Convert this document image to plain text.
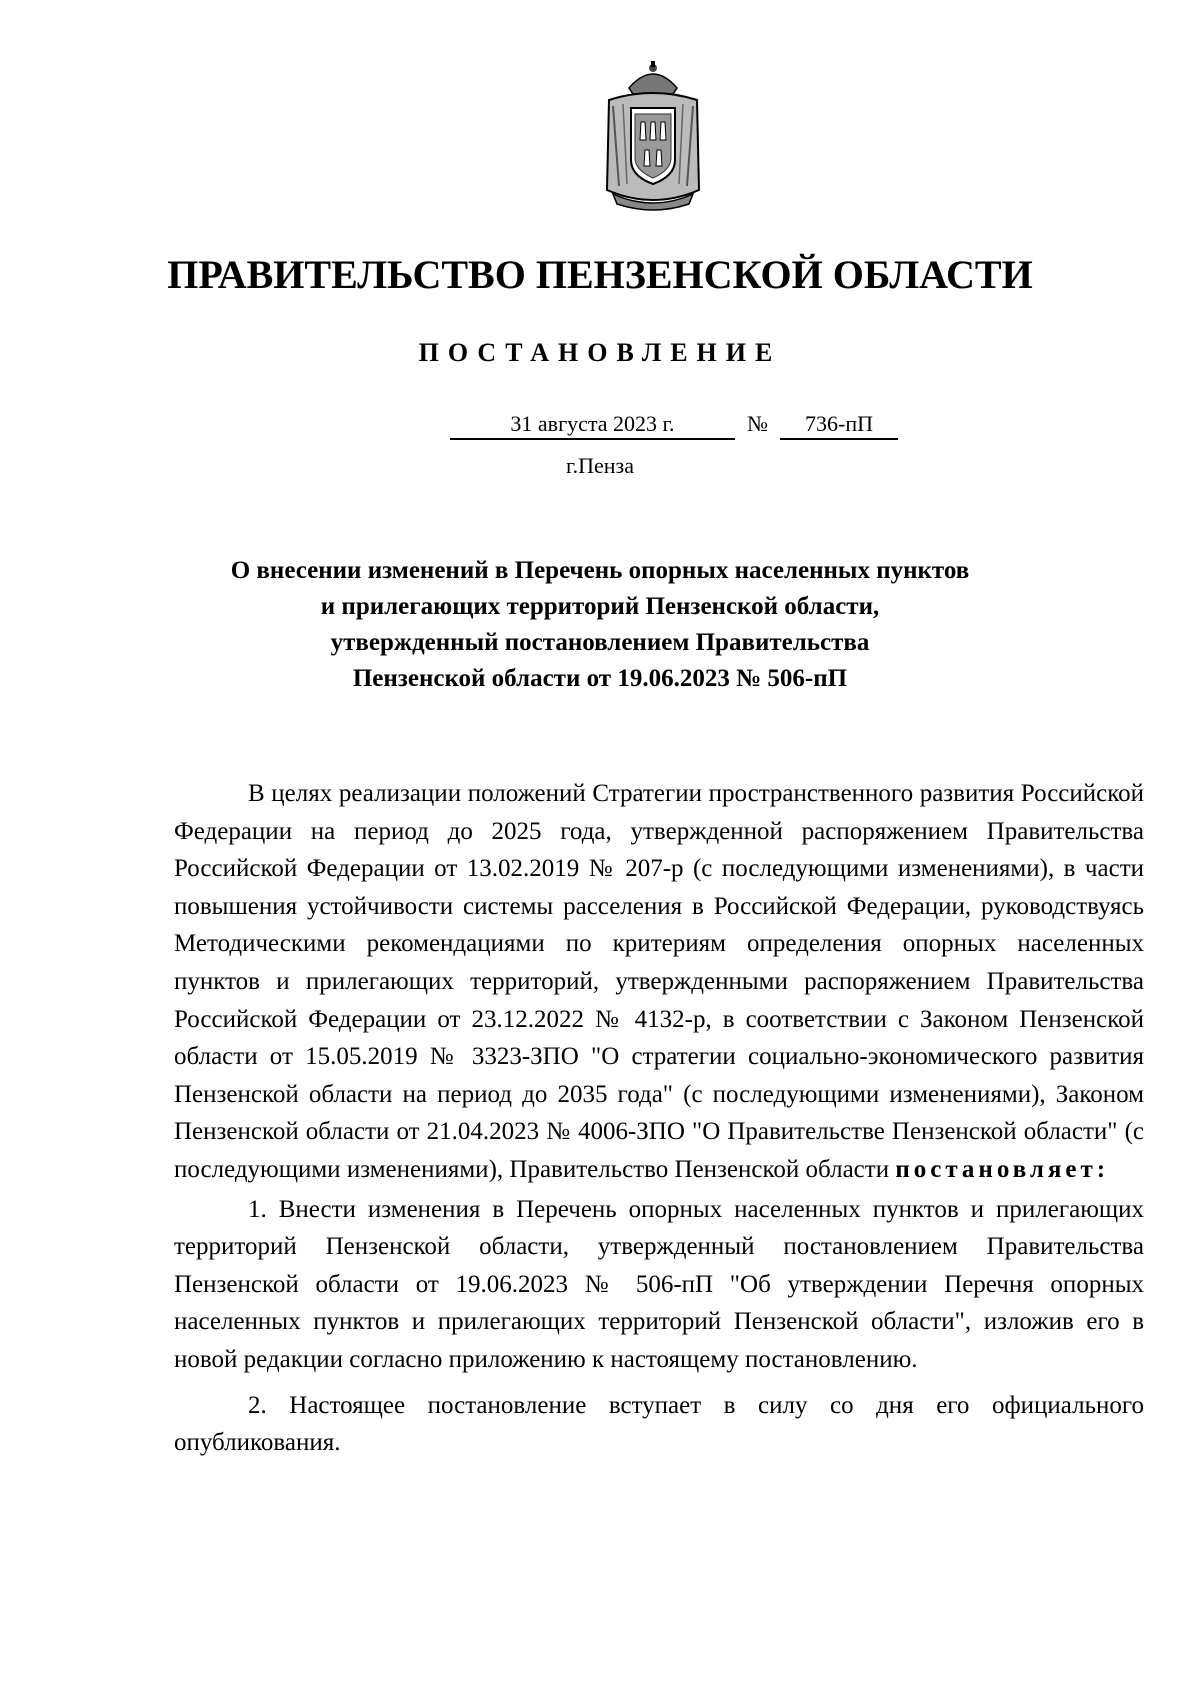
ПРАВИТЕЛЬСТВО ПЕНЗЕНСКОЙ ОБЛАСТИ
ПОСТАНОВЛЕНИЕ
31 августа 2023 г.	№	736-пП
г.Пенза
О внесении изменений в Перечень опорных населенных пунктов
и прилегающих территорий Пензенской области,
утвержденный постановлением Правительства
Пензенской области от 19.06.2023 № 506-пП

В целях реализации положений Стратегии пространственного развития Российской Федерации на период до 2025 года, утвержденной распоряжением Правительства Российской Федерации от 13.02.2019 № 207-р (с последующими изменениями), в части повышения устойчивости системы расселения в Российской Федерации, руководствуясь Методическими рекомендациями по критериям определения опорных населенных пунктов и прилегающих территорий, утвержденными распоряжением Правительства Российской Федерации от 23.12.2022 № 4132-р, в соответствии с Законом Пензенской области от 15.05.2019 № 3323-ЗПО "О стратегии социально-экономического развития Пензенской области на период до 2035 года" (с последующими изменениями), Законом Пензенской области от 21.04.2023 № 4006-ЗПО "О Правительстве Пензенской области" (с последующими изменениями), Правительство Пензенской области постановляет:

1. Внести изменения в Перечень опорных населенных пунктов и прилегающих территорий Пензенской области, утвержденный постановлением Правительства Пензенской области от 19.06.2023 № 506-пП "Об утверждении Перечня опорных населенных пунктов и прилегающих территорий Пензенской области", изложив его в новой редакции согласно приложению к настоящему постановлению.

2. Настоящее постановление вступает в силу со дня его официального опубликования.
